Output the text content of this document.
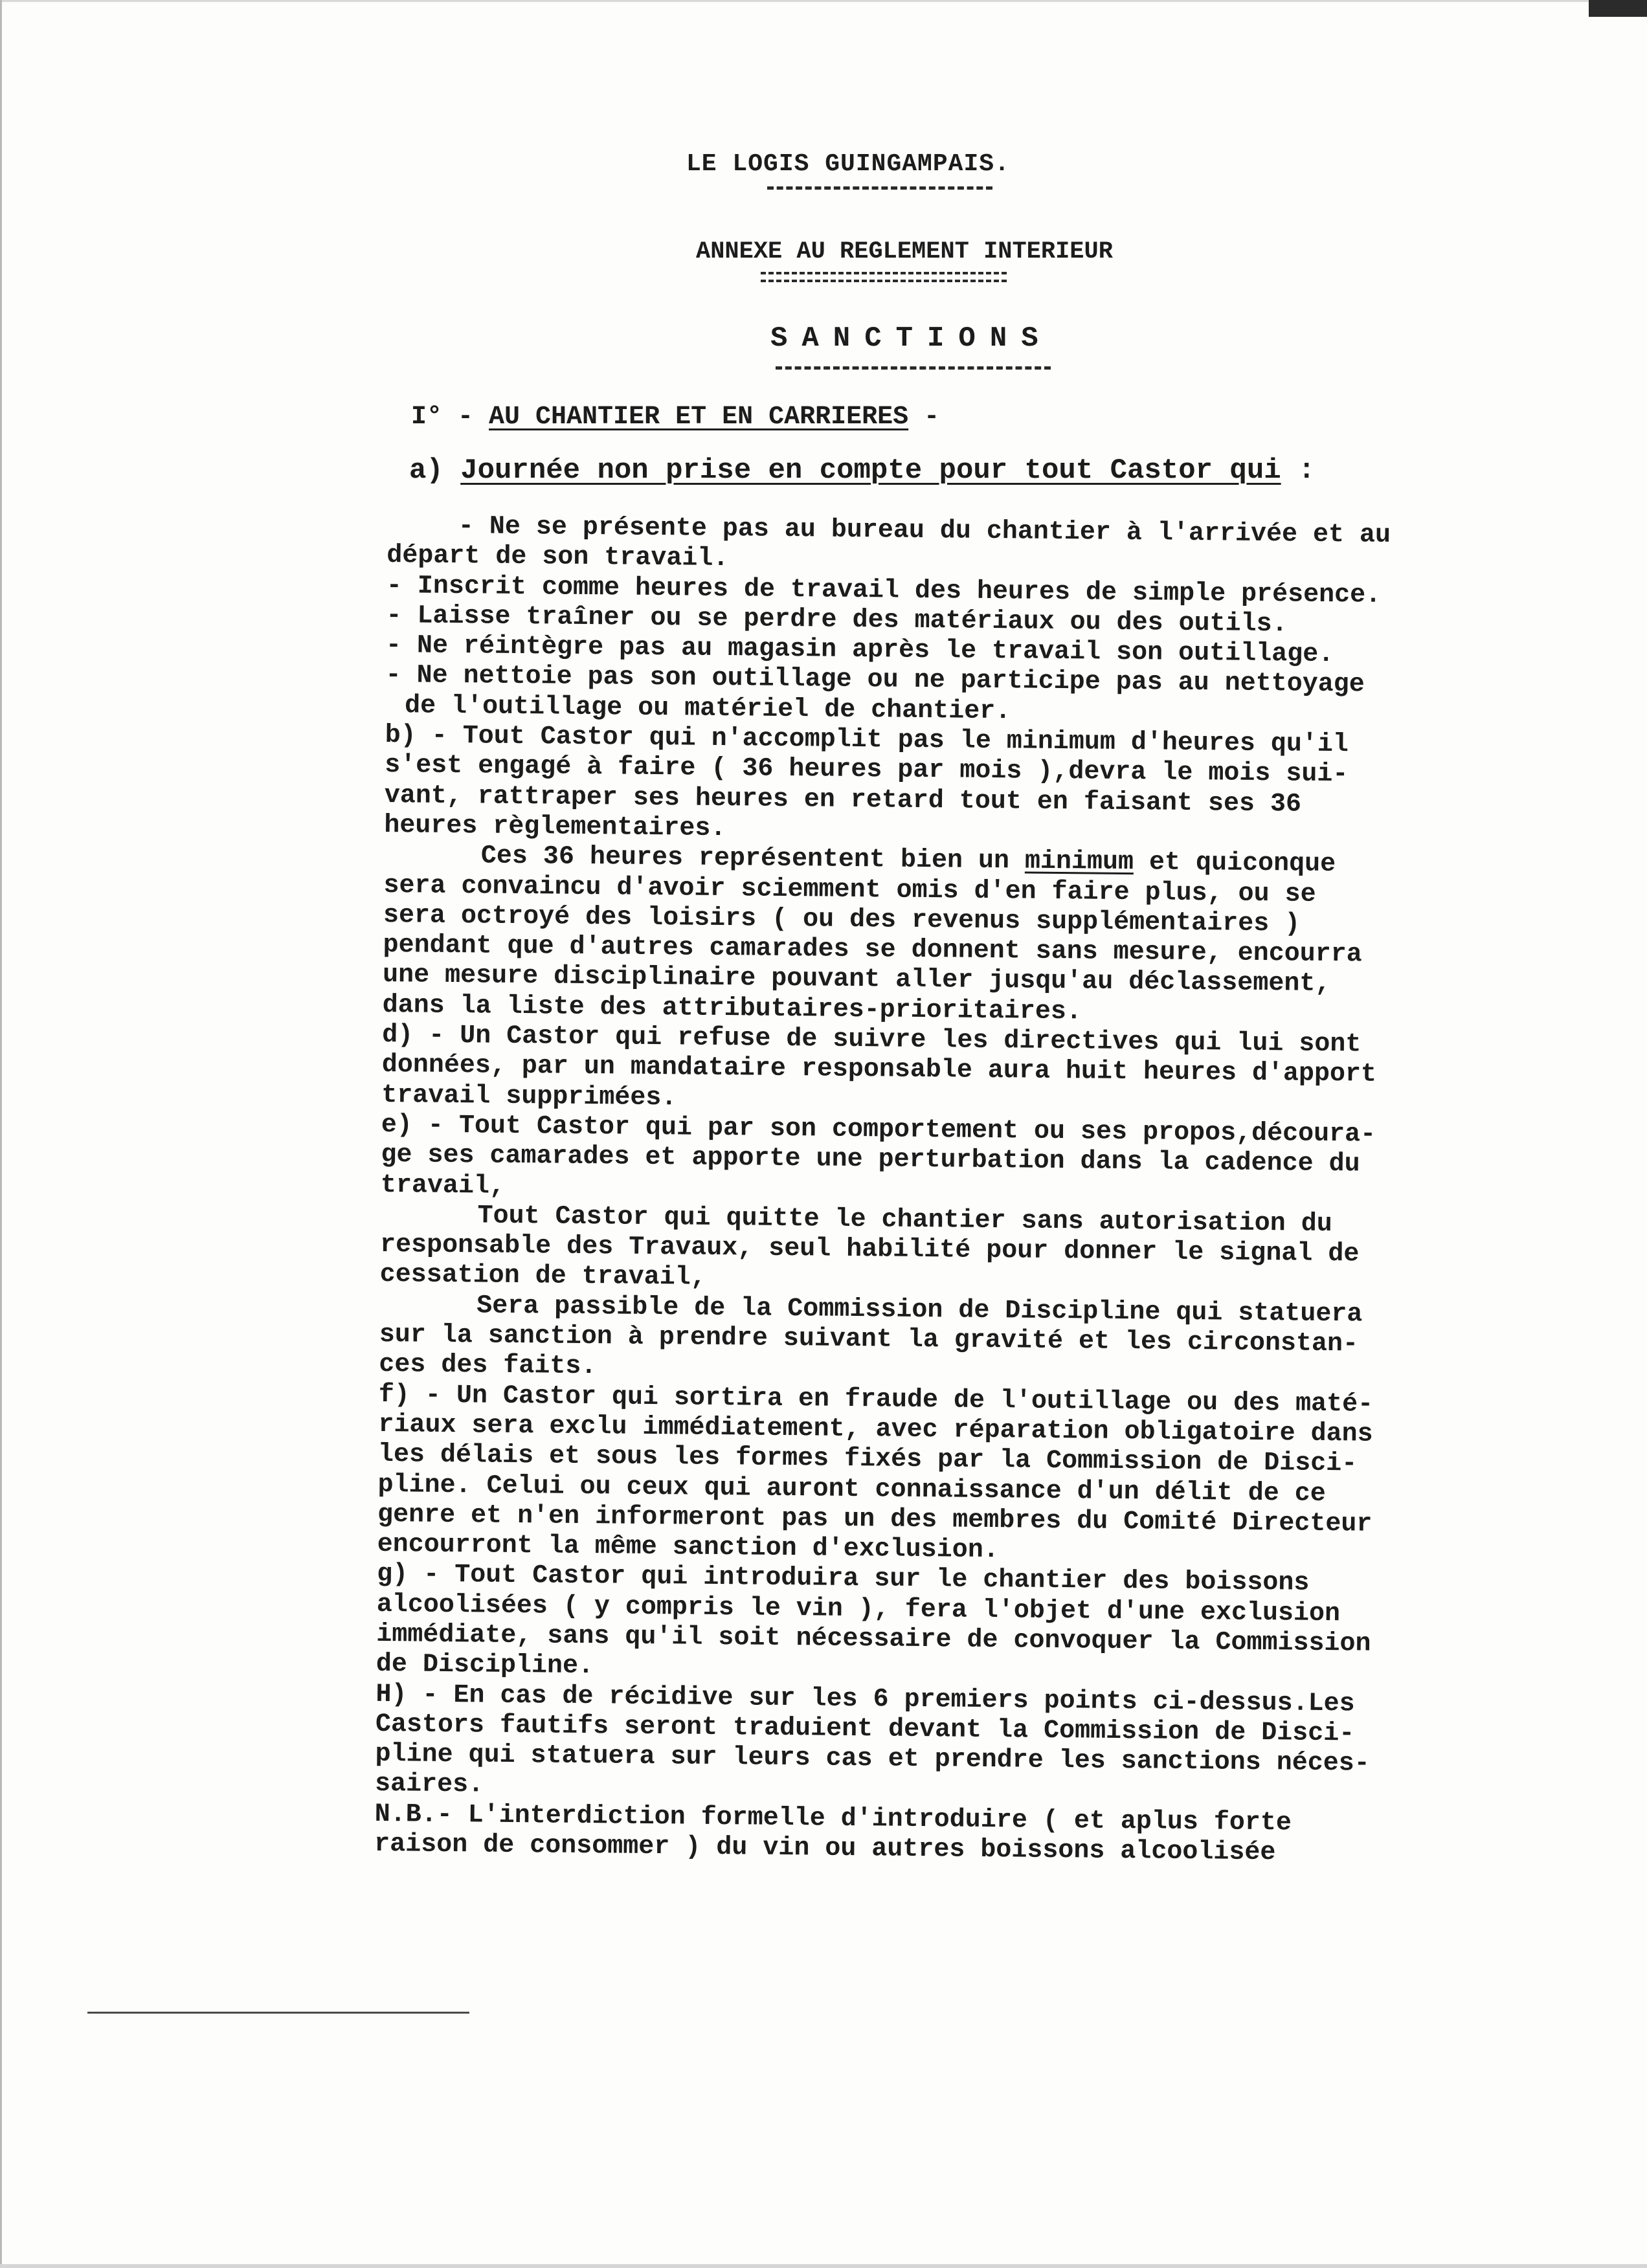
LE LOGIS GUINGAMPAIS.
ANNEXE AU REGLEMENT INTERIEUR
SANCTIONS
I° - AU CHANTIER ET EN CARRIERES -
a) Journée non prise en compte pour tout Castor qui :
- Ne se présente pas au bureau du chantier à l'arrivée et au
départ de son travail.
- Inscrit comme heures de travail des heures de simple présence.
- Laisse traîner ou se perdre des matériaux ou des outils.
- Ne réintègre pas au magasin après le travail son outillage.
- Ne nettoie pas son outillage ou ne participe pas au nettoyage
de l'outillage ou matériel de chantier.
b) - Tout Castor qui n'accomplit pas le minimum d'heures qu'il
s'est engagé à faire ( 36 heures par mois ),devra le mois sui-
vant, rattraper ses heures en retard tout en faisant ses 36
heures règlementaires.
Ces 36 heures représentent bien un minimum et quiconque
sera convaincu d'avoir sciemment omis d'en faire plus, ou se
sera octroyé des loisirs ( ou des revenus supplémentaires )
pendant que d'autres camarades se donnent sans mesure, encourra
une mesure disciplinaire pouvant aller jusqu'au déclassement,
dans la liste des attributaires-prioritaires.
d) - Un Castor qui refuse de suivre les directives qui lui sont
données, par un mandataire responsable aura huit heures d'apport
travail supprimées.
e) - Tout Castor qui par son comportement ou ses propos,découra-
ge ses camarades et apporte une perturbation dans la cadence du
travail,
Tout Castor qui quitte le chantier sans autorisation du
responsable des Travaux, seul habilité pour donner le signal de
cessation de travail,
Sera passible de la Commission de Discipline qui statuera
sur la sanction à prendre suivant la gravité et les circonstan-
ces des faits.
f) - Un Castor qui sortira en fraude de l'outillage ou des maté-
riaux sera exclu immédiatement, avec réparation obligatoire dans
les délais et sous les formes fixés par la Commission de Disci-
pline. Celui ou ceux qui auront connaissance d'un délit de ce
genre et n'en informeront pas un des membres du Comité Directeur
encourront la même sanction d'exclusion.
g) - Tout Castor qui introduira sur le chantier des boissons
alcoolisées ( y compris le vin ), fera l'objet d'une exclusion
immédiate, sans qu'il soit nécessaire de convoquer la Commission
de Discipline.
H) - En cas de récidive sur les 6 premiers points ci-dessus.Les
Castors fautifs seront traduient devant la Commission de Disci-
pline qui statuera sur leurs cas et prendre les sanctions néces-
saires.
N.B.- L'interdiction formelle d'introduire ( et aplus forte
raison de consommer ) du vin ou autres boissons alcoolisée
